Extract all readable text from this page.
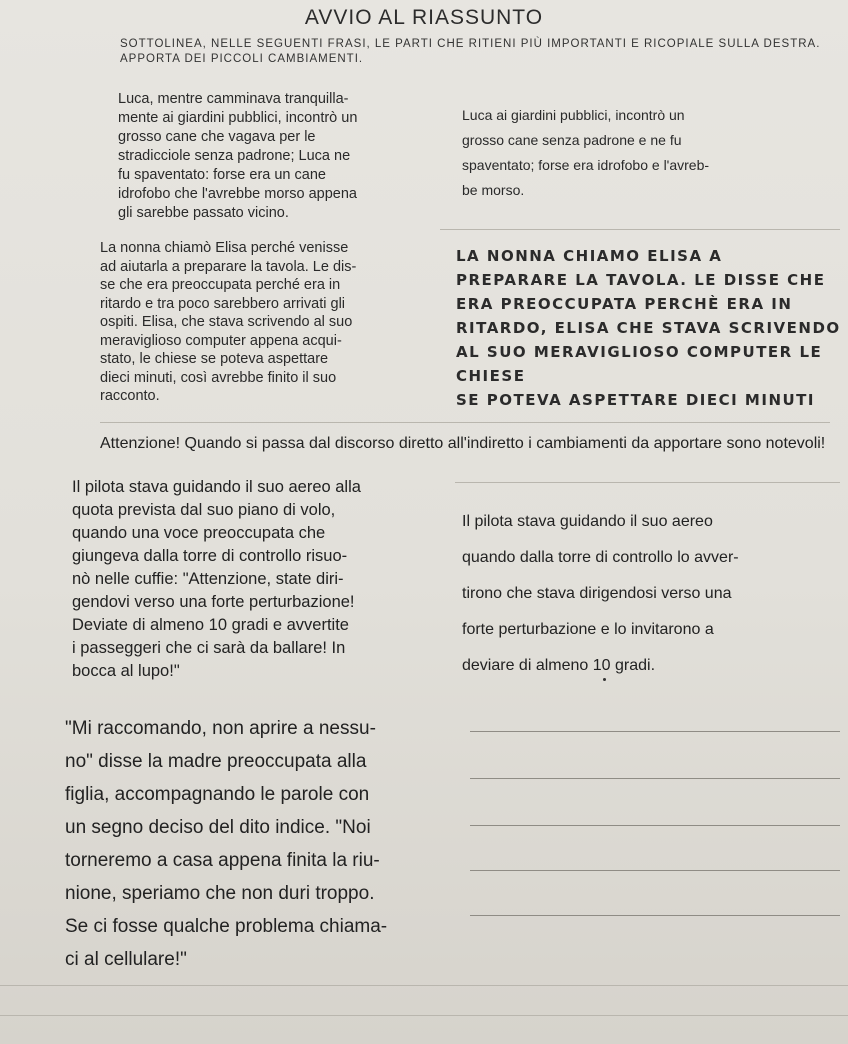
AVVIO AL RIASSUNTO
SOTTOLINEA, NELLE SEGUENTI FRASI, LE PARTI CHE RITIENI PIÙ IMPORTANTI E RICOPIALE SULLA DESTRA. APPORTA DEI PICCOLI CAMBIAMENTI.
Luca, mentre camminava tranquilla-
mente ai giardini pubblici, incontrò un
grosso cane che vagava per le
stradicciole senza padrone; Luca ne
fu spaventato: forse era un cane
idrofobo che l'avrebbe morso appena
gli sarebbe passato vicino.
Luca ai giardini pubblici, incontrò un
grosso cane senza padrone e ne fu
spaventato; forse era idrofobo e l'avreb-
be morso.
La nonna chiamò Elisa perché venisse
ad aiutarla a preparare la tavola. Le dis-
se che era preoccupata perché era in
ritardo e tra poco sarebbero arrivati gli
ospiti. Elisa, che stava scrivendo al suo
meraviglioso computer appena acqui-
stato, le chiese se poteva aspettare
dieci minuti, così avrebbe finito il suo
racconto.
LA NONNA CHIAMO ELISA A
PREPARARE LA TAVOLA. LE DISSE CHE
ERA PREOCCUPATA PERCHÈ ERA IN
RITARDO, ELISA CHE STAVA SCRIVENDO
AL SUO MERAVIGLIOSO COMPUTER LE CHIESE
SE POTEVA ASPETTARE DIECI MINUTI
Attenzione! Quando si passa dal discorso diretto all'indiretto i cambiamenti da apportare sono notevoli!
Il pilota stava guidando il suo aereo alla
quota prevista dal suo piano di volo,
quando una voce preoccupata che
giungeva dalla torre di controllo risuo-
nò nelle cuffie: "Attenzione, state diri-
gendovi verso una forte perturbazione!
Deviate di almeno 10 gradi e avvertite
i passeggeri che ci sarà da ballare! In
bocca al lupo!"
Il pilota stava guidando il suo aereo
quando dalla torre di controllo lo avver-
tirono che stava dirigendosi verso una
forte perturbazione e lo invitarono a
deviare di almeno 10 gradi.
"Mi raccomando, non aprire a nessu-
no" disse la madre preoccupata alla
figlia, accompagnando le parole con
un segno deciso del dito indice. "Noi
torneremo a casa appena finita la riu-
nione, speriamo che non duri troppo.
Se ci fosse qualche problema chiama-
ci al cellulare!"
